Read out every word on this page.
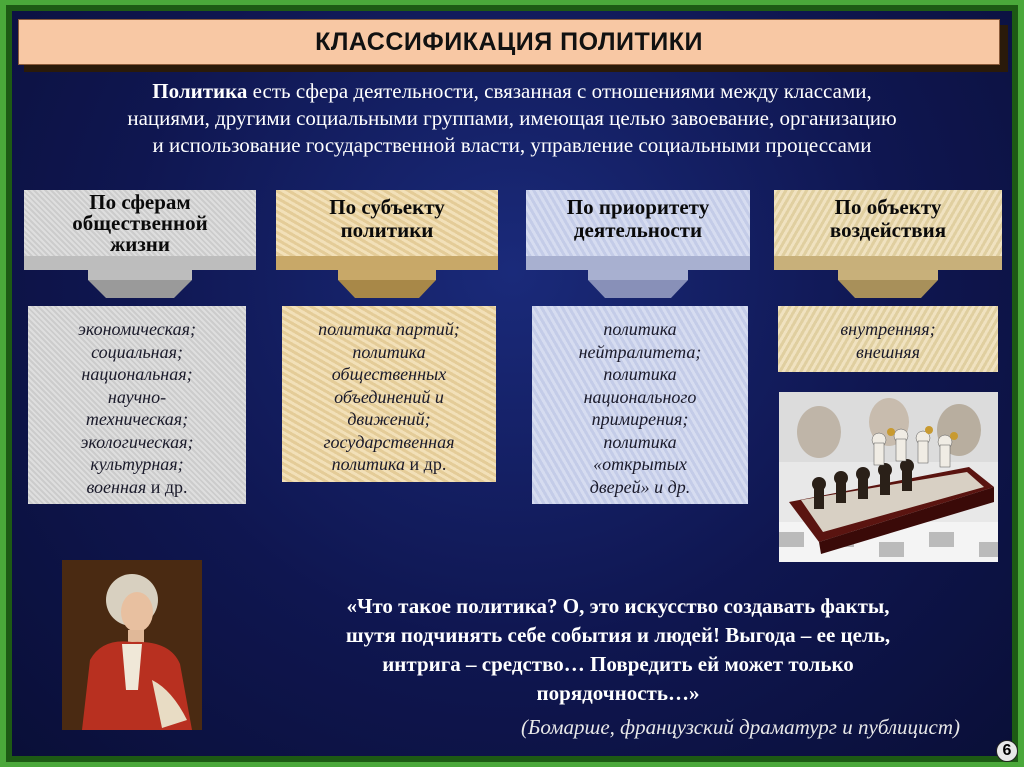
КЛАССИФИКАЦИЯ ПОЛИТИКИ
Политика есть сфера деятельности, связанная с отношениями между классами,
нациями, другими социальными группами, имеющая целью завоевание, организацию
и использование государственной власти, управление социальными процессами
По сферам
общественной
жизни
экономическая;
социальная;
национальная;
научно-
техническая;
экологическая;
культурная;
военная и др.
По субъекту
политики
политика партий;
политика
общественных
объединений и
движений;
государственная
политика и др.
По приоритету
деятельности
политика
нейтралитета;
политика
национального
примирения;
политика
«открытых
дверей» и др.
По объекту
воздействия
внутренняя;
внешняя
«Что такое политика? О, это искусство создавать факты,
шутя подчинять себе события и людей! Выгода – ее цель,
интрига – средство… Повредить ей может только
порядочность…»
(Бомарше, французский драматург и публицист)
6
